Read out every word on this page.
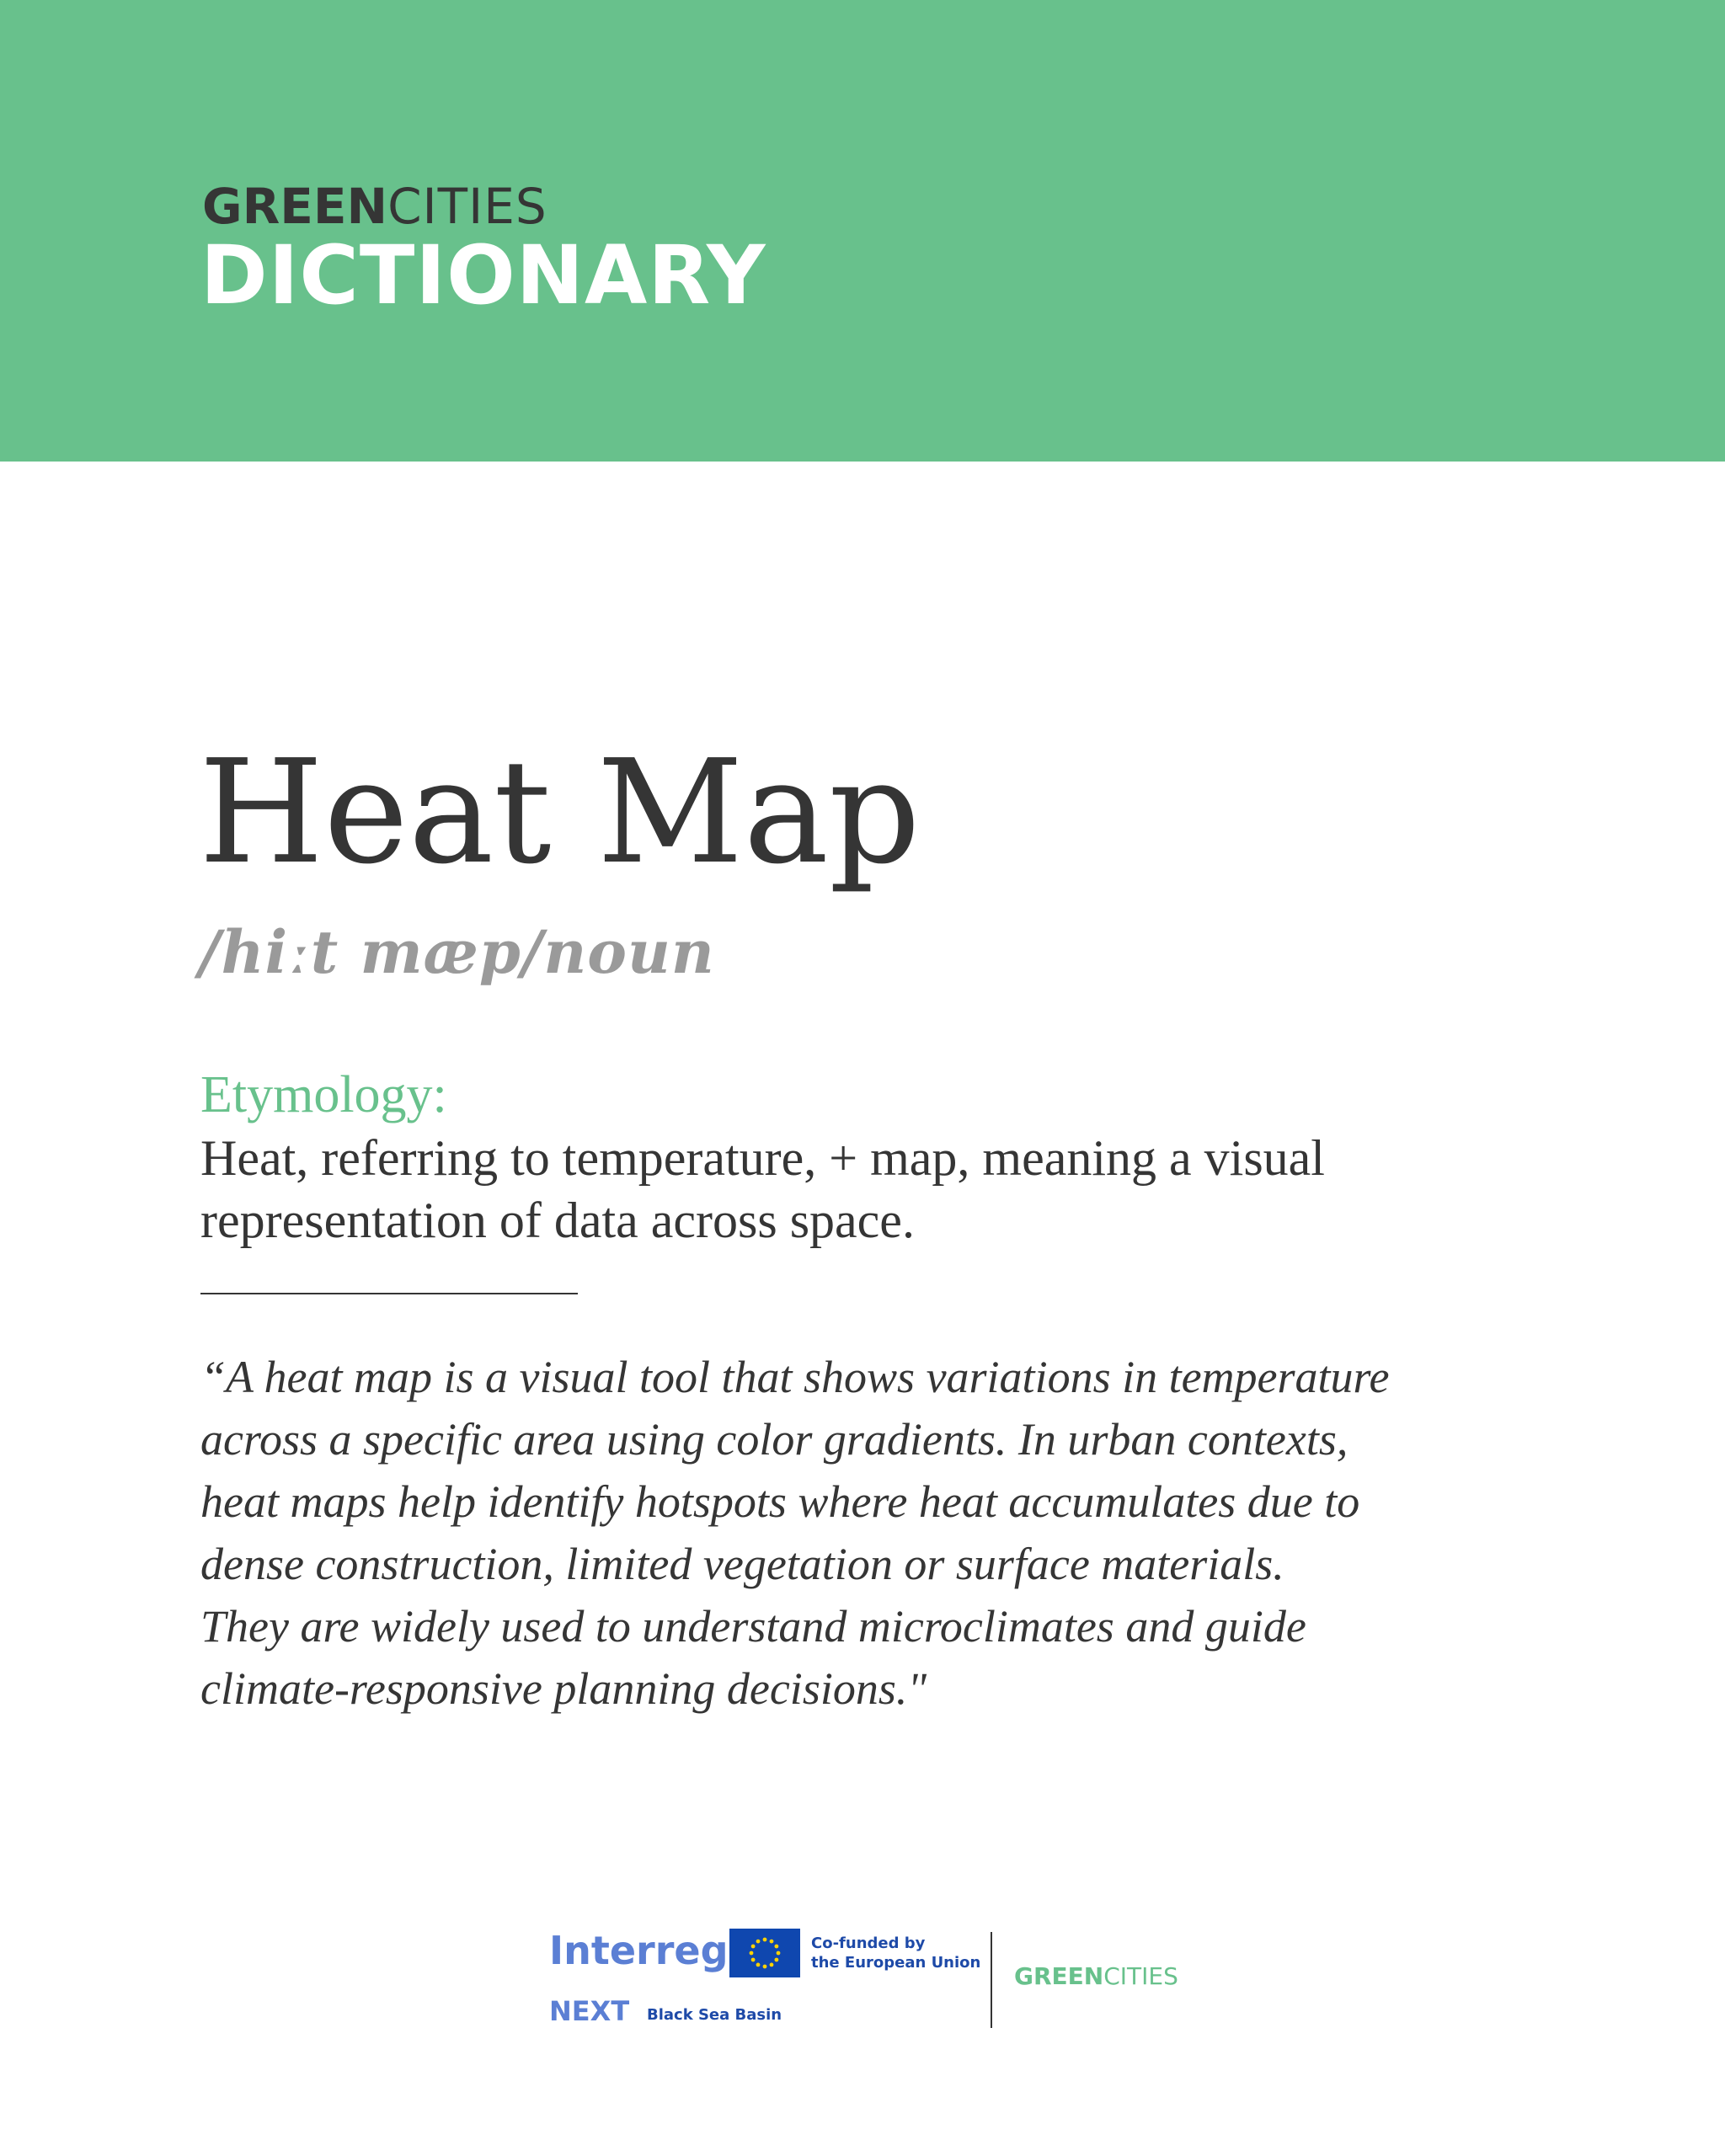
GREENCITIES
DICTIONARY
Heat Map
/hiːt mæp/noun
Etymology:
Heat, referring to temperature, + map, meaning a visual representation of data across space.
“A heat map is a visual tool that shows variations in temperature
across a specific area using color gradients. In urban contexts,
heat maps help identify hotspots where heat accumulates due to
dense construction, limited vegetation or surface materials.
They are widely used to understand microclimates and guide
climate-responsive planning decisions."
Interreg	Co-funded by
the European Union
NEXT Black Sea Basin
GREENCITIES
